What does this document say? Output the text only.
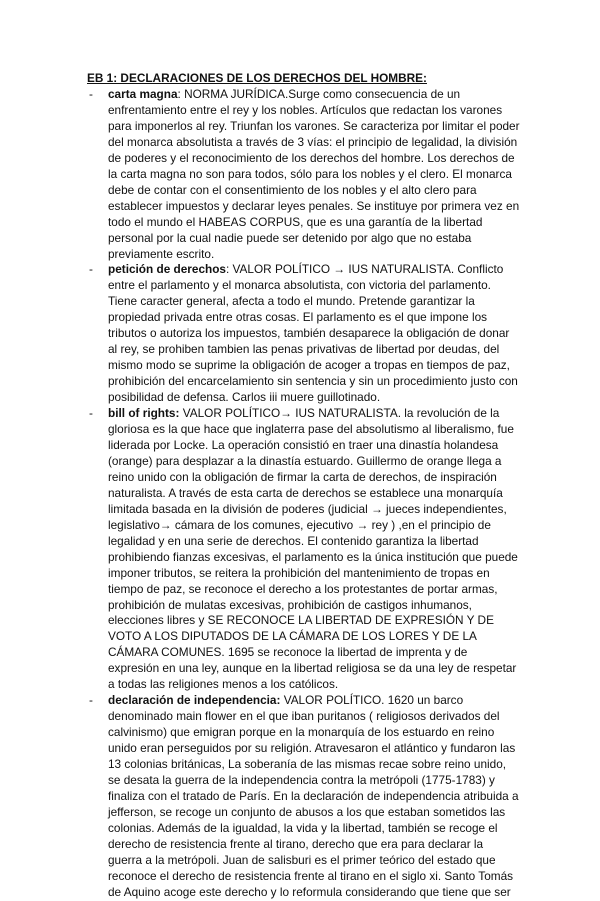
EB 1: DECLARACIONES DE LOS DERECHOS DEL HOMBRE:
- carta magna: NORMA JURÍDICA.Surge como consecuencia de un enfrentamiento entre el rey y los nobles. Artículos que redactan los varones para imponerlos al rey. Triunfan los varones. Se caracteriza por limitar el poder del monarca absolutista a través de 3 vías: el principio de legalidad, la división de poderes y el reconocimiento de los derechos del hombre. Los derechos de la carta magna no son para todos, sólo para los nobles y el clero. El monarca debe de contar con el consentimiento de los nobles y el alto clero para establecer impuestos y declarar leyes penales. Se instituye por primera vez en todo el mundo el HABEAS CORPUS, que es una garantía de la libertad personal por la cual nadie puede ser detenido por algo que no estaba previamente escrito.
- petición de derechos: VALOR POLÍTICO → IUS NATURALISTA. Conflicto entre el parlamento y el monarca absolutista, con victoria del parlamento. Tiene caracter general, afecta a todo el mundo. Pretende garantizar la propiedad privada entre otras cosas. El parlamento es el que impone los tributos o autoriza los impuestos, también desaparece la obligación de donar al rey, se prohiben tambien las penas privativas de libertad por deudas, del mismo modo se suprime la obligación de acoger a tropas en tiempos de paz, prohibición del encarcelamiento sin sentencia y sin un procedimiento justo con posibilidad de defensa. Carlos iii muere guillotinado.
- bill of rights: VALOR POLÍTICO→ IUS NATURALISTA. la revolución de la gloriosa es la que hace que inglaterra pase del absolutismo al liberalismo, fue liderada por Locke. La operación consistió en traer una dinastía holandesa (orange) para desplazar a la dinastía estuardo. Guillermo de orange llega a reino unido con la obligación de firmar la carta de derechos, de inspiración naturalista. A través de esta carta de derechos se establece una monarquía limitada basada en la división de poderes (judicial → jueces independientes, legislativo→ cámara de los comunes, ejecutivo → rey ) ,en el principio de legalidad y en una serie de derechos. El contenido garantiza la libertad prohibiendo fianzas excesivas, el parlamento es la única institución que puede imponer tributos, se reitera la prohibición del mantenimiento de tropas en tiempo de paz, se reconoce el derecho a los protestantes de portar armas, prohibición de mulatas excesivas, prohibición de castigos inhumanos, elecciones libres y SE RECONOCE LA LIBERTAD DE EXPRESIÓN Y DE VOTO A LOS DIPUTADOS DE LA CÁMARA DE LOS LORES Y DE LA CÁMARA COMUNES. 1695 se reconoce la libertad de imprenta y de expresión en una ley, aunque en la libertad religiosa se da una ley de respetar a todas las religiones menos a los católicos.
- declaración de independencia: VALOR POLÍTICO. 1620 un barco denominado main flower en el que iban puritanos ( religiosos derivados del calvinismo) que emigran porque en la monarquía de los estuardo en reino unido eran perseguidos por su religión. Atravesaron el atlántico y fundaron las 13 colonias británicas, La soberanía de las mismas recae sobre reino unido, se desata la guerra de la independencia contra la metrópoli (1775-1783) y finaliza con el tratado de París. En la declaración de independencia atribuida a jefferson, se recoge un conjunto de abusos a los que estaban sometidos las colonias. Además de la igualdad, la vida y la libertad, también se recoge el derecho de resistencia frente al tirano, derecho que era para declarar la guerra a la metrópoli. Juan de salisburi es el primer teórico del estado que reconoce el derecho de resistencia frente al tirano en el siglo xi. Santo Tomás de Aquino acoge este derecho y lo reformula considerando que tiene que ser
